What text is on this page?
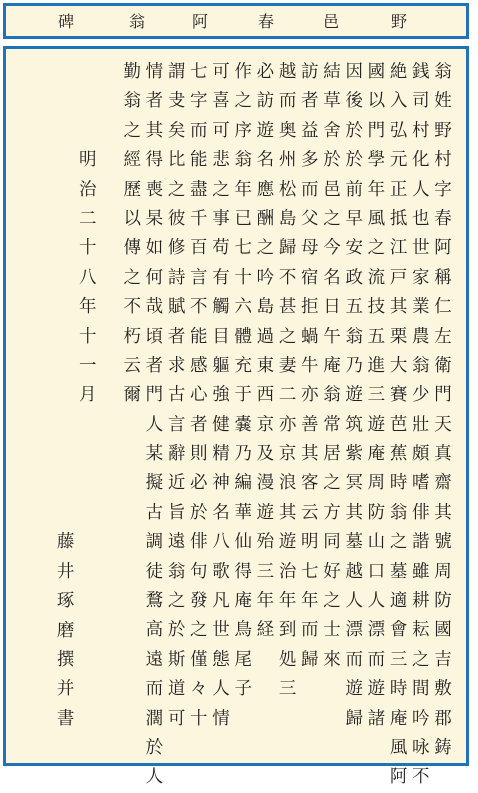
碑	翁	阿	春	邑	野
翁
姓
野
村
字
春
阿
稱
仁
左
衛
門
天
真
齋
其
號
周
防
國
吉
敷
郡
鋳
銭
司
村
化
人
也
世
家
業
農
翁
少
壯
頗
嗜
俳
諧
雖
耕
耘
之
間
吟
咏
不
絶
入
弘
元
正
抵
江
戸
其
栗
大
賽
芭
蕉
時
翁
之
墓
適
會
三
時
庵
風
阿
國
以
門
學
年
風
之
流
技
五
進
三
遊
庵
周
防
山
口
人
漂
而
遊
諸
因
後
於
於
前
早
安
政
五
翁
乃
遊
筑
紫
冥
其
墓
越
人
漂
而
遊
歸
結
草
舍
於
邑
之
今
名
日
午
庵
翁
常
居
之
方
同
好
之
士
來
訪
者
益
多
而
父
母
宿
拒
蝸
牛
亦
善
其
客
云
明
七
年
而
歸
越
而
奥
州
松
島
歸
不
甚
之
妻
二
亦
京
浪
其
遊
治
年
到
処
三
必
訪
遊
名
應
酬
之
吟
島
過
東
西
京
及
漫
遊
殆
三
年
経
作
之
序
翁
年
已
七
十
六
體
充
于
嚢
乃
編
華
仙
得
庵
鳥
尾
子
可
喜
可
悲
之
事
苟
有
觸
目
軀
強
健
精
神
名
八
歌
凡
世
態
人
情
七
字
而
能
盡
千
百
言
不
能
感
心
者
則
必
於
俳
句
發
之
僅
々
十
謂
叏
矣
比
之
彼
修
詩
賦
者
求
古
言
辭
近
旨
遠
翁
之
於
斯
道
可
情
者
其
得
喪
杲
如
何
哉
頃
者
門
人
某
擬
古
調
徒
鶩
高
遠
而
濶
於
人
勤
翁
之
經
歷
以
傳
之
不
朽
云
爾
明
治
二
十
八
年
十
一
月
藤
井
琢
磨
撰
并
書
